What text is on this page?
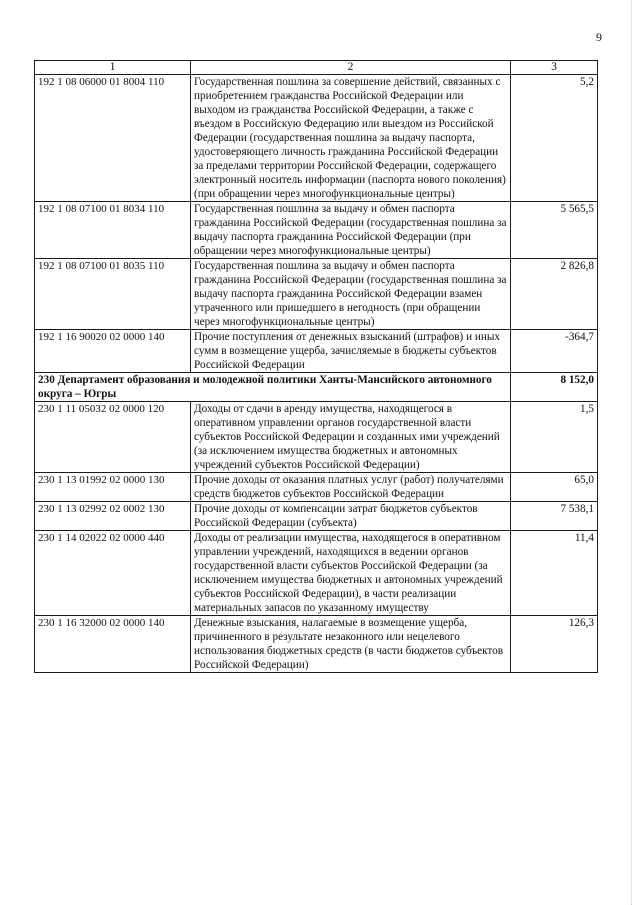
9
1	2	3
192 1 08 06000 01 8004 110	Государственная пошлина за совершение действий, связанных с приобретением гражданства Российской Федерации или выходом из гражданства Российской Федерации, а также с въездом в Российскую Федерацию или выездом из Российской Федерации (государственная пошлина за выдачу паспорта, удостоверяющего личность гражданина Российской Федерации за пределами территории Российской Федерации, содержащего электронный носитель информации (паспорта нового поколения) (при обращении через многофункциональные центры)	5,2
192 1 08 07100 01 8034 110	Государственная пошлина за выдачу и обмен паспорта гражданина Российской Федерации (государственная пошлина за выдачу паспорта гражданина Российской Федерации (при обращении через многофункциональные центры)	5 565,5
192 1 08 07100 01 8035 110	Государственная пошлина за выдачу и обмен паспорта гражданина Российской Федерации (государственная пошлина за выдачу паспорта гражданина Российской Федерации взамен утраченного или пришедшего в негодность (при обращении через многофункциональные центры)	2 826,8
192 1 16 90020 02 0000 140	Прочие поступления от денежных взысканий (штрафов) и иных сумм в возмещение ущерба, зачисляемые в бюджеты субъектов Российской Федерации	-364,7
230 Департамент образования и молодежной политики Ханты-Мансийского автономного округа – Югры		8 152,0
230 1 11 05032 02 0000 120	Доходы от сдачи в аренду имущества, находящегося в оперативном управлении органов государственной власти субъектов Российской Федерации и созданных ими учреждений (за исключением имущества бюджетных и автономных учреждений субъектов Российской Федерации)	1,5
230 1 13 01992 02 0000 130	Прочие доходы от оказания платных услуг (работ) получателями средств бюджетов субъектов Российской Федерации	65,0
230 1 13 02992 02 0002 130	Прочие доходы от компенсации затрат бюджетов субъектов Российской Федерации (субъекта)	7 538,1
230 1 14 02022 02 0000 440	Доходы от реализации имущества, находящегося в оперативном управлении учреждений, находящихся в ведении органов государственной власти субъектов Российской Федерации (за исключением имущества бюджетных и автономных учреждений субъектов Российской Федерации), в части реализации материальных запасов по указанному имуществу	11,4
230 1 16 32000 02 0000 140	Денежные взыскания, налагаемые в возмещение ущерба, причиненного в результате незаконного или нецелевого использования бюджетных средств (в части бюджетов субъектов Российской Федерации)	126,3
